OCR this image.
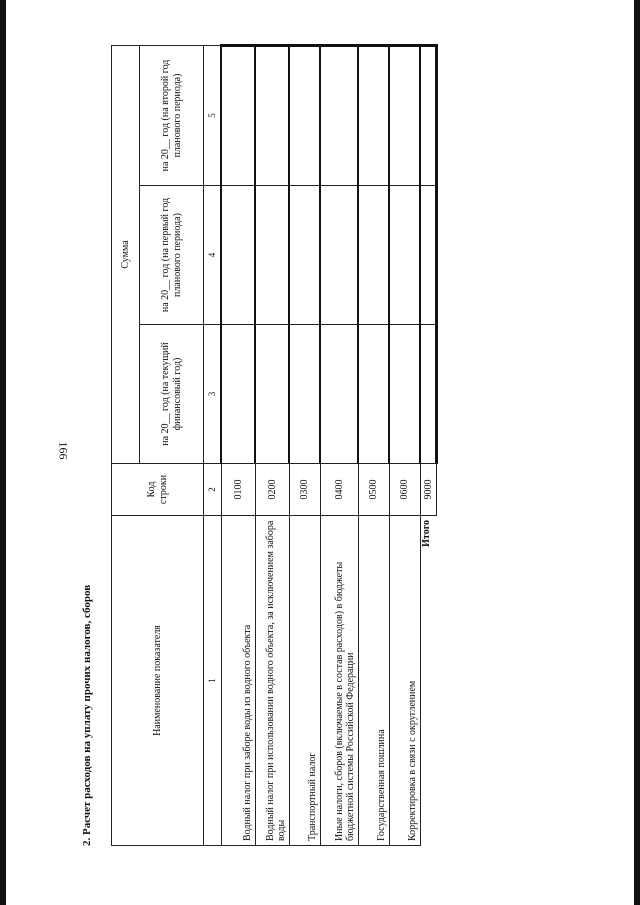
166
2. Расчет расходов на уплату прочих налогов, сборов	Наименование показателя	Код строки	Сумма		
		на 20__ год (на текущий финансовый год)	на 20__ год (на первый год планового периода)	на 20__ год (на второй год планового периода)
1	2	3	4	5
Водный налог при заборе воды из водного объекта	0100			
Водный налог при использовании водного объекта, за исключением забора воды	0200			
Транспортный налог	0300			
Иные налоги, сборов (включаемые в состав расходов) в бюджеты бюджетной системы Российской Федерации	0400			
Государственная пошлина	0500			
Корректировка в связи с округлением	0600			
Итого	9000			
